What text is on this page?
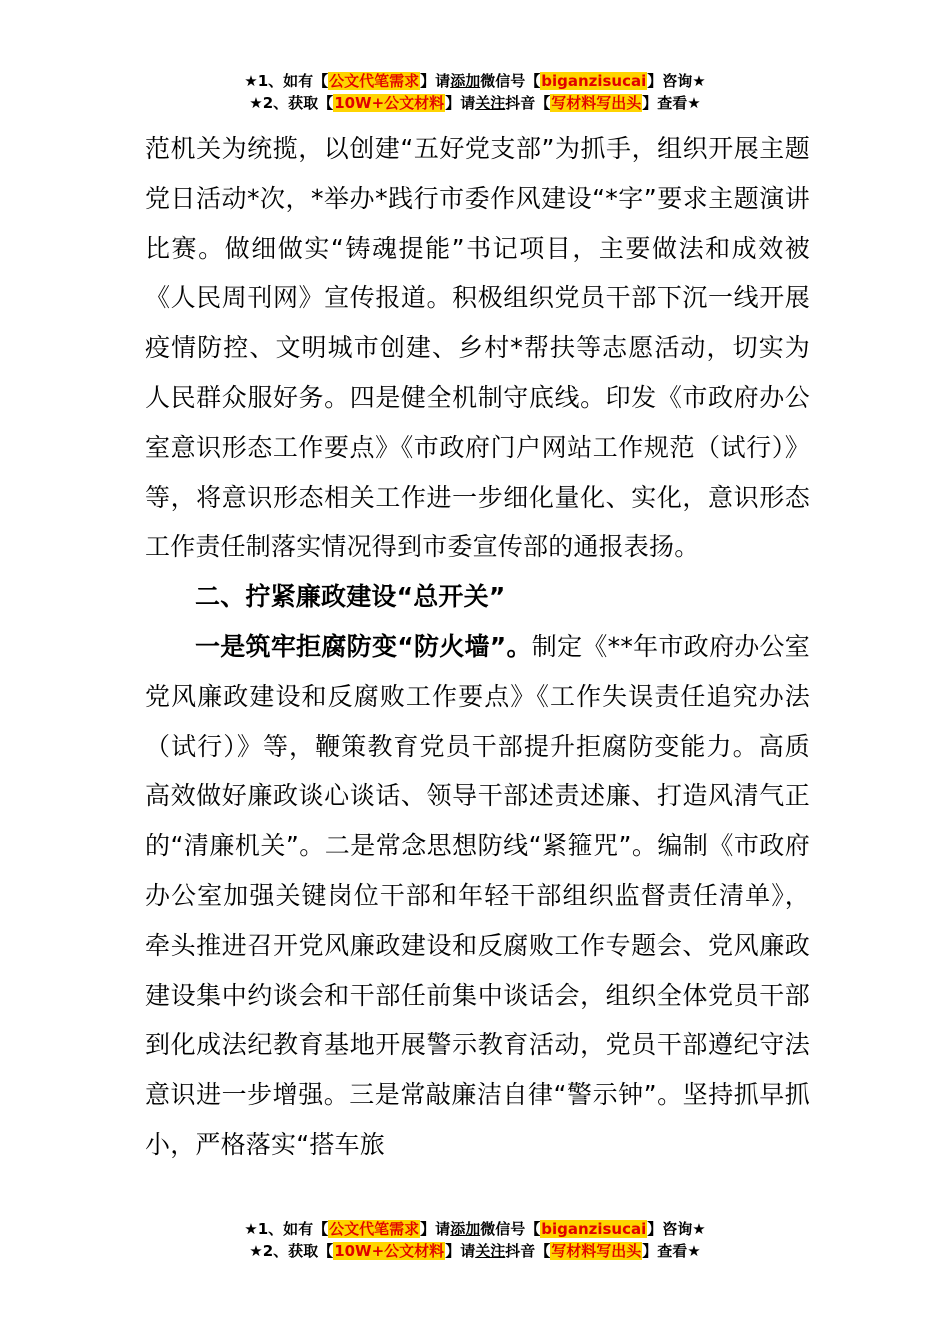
★1、如有【公文代笔需求】请添加微信号【biganzisucai】咨询★
★2、获取【10W+公文材料】请关注抖音【写材料写出头】查看★

范机关为统揽，以创建“五好党支部”为抓手，组织开展主题党日活动*次，*举办*践行市委作风建设“*字”要求主题演讲比赛。做细做实“铸魂提能”书记项目，主要做法和成效被《人民周刊网》宣传报道。积极组织党员干部下沉一线开展疫情防控、文明城市创建、乡村*帮扶等志愿活动，切实为人民群众服好务。四是健全机制守底线。印发《市政府办公室意识形态工作要点》《市政府门户网站工作规范（试行）》等，将意识形态相关工作进一步细化量化、实化，意识形态工作责任制落实情况得到市委宣传部的通报表扬。

二、拧紧廉政建设“总开关”

一是筑牢拒腐防变“防火墙”。制定《**年市政府办公室党风廉政建设和反腐败工作要点》《工作失误责任追究办法（试行）》等，鞭策教育党员干部提升拒腐防变能力。高质高效做好廉政谈心谈话、领导干部述责述廉、打造风清气正的“清廉机关”。二是常念思想防线“紧箍咒”。编制《市政府办公室加强关键岗位干部和年轻干部组织监督责任清单》，牵头推进召开党风廉政建设和反腐败工作专题会、党风廉政建设集中约谈会和干部任前集中谈话会，组织全体党员干部到化成法纪教育基地开展警示教育活动，党员干部遵纪守法意识进一步增强。三是常敲廉洁自律“警示钟”。坚持抓早抓小，严格落实“搭车旅

★1、如有【公文代笔需求】请添加微信号【biganzisucai】咨询★
★2、获取【10W+公文材料】请关注抖音【写材料写出头】查看★
